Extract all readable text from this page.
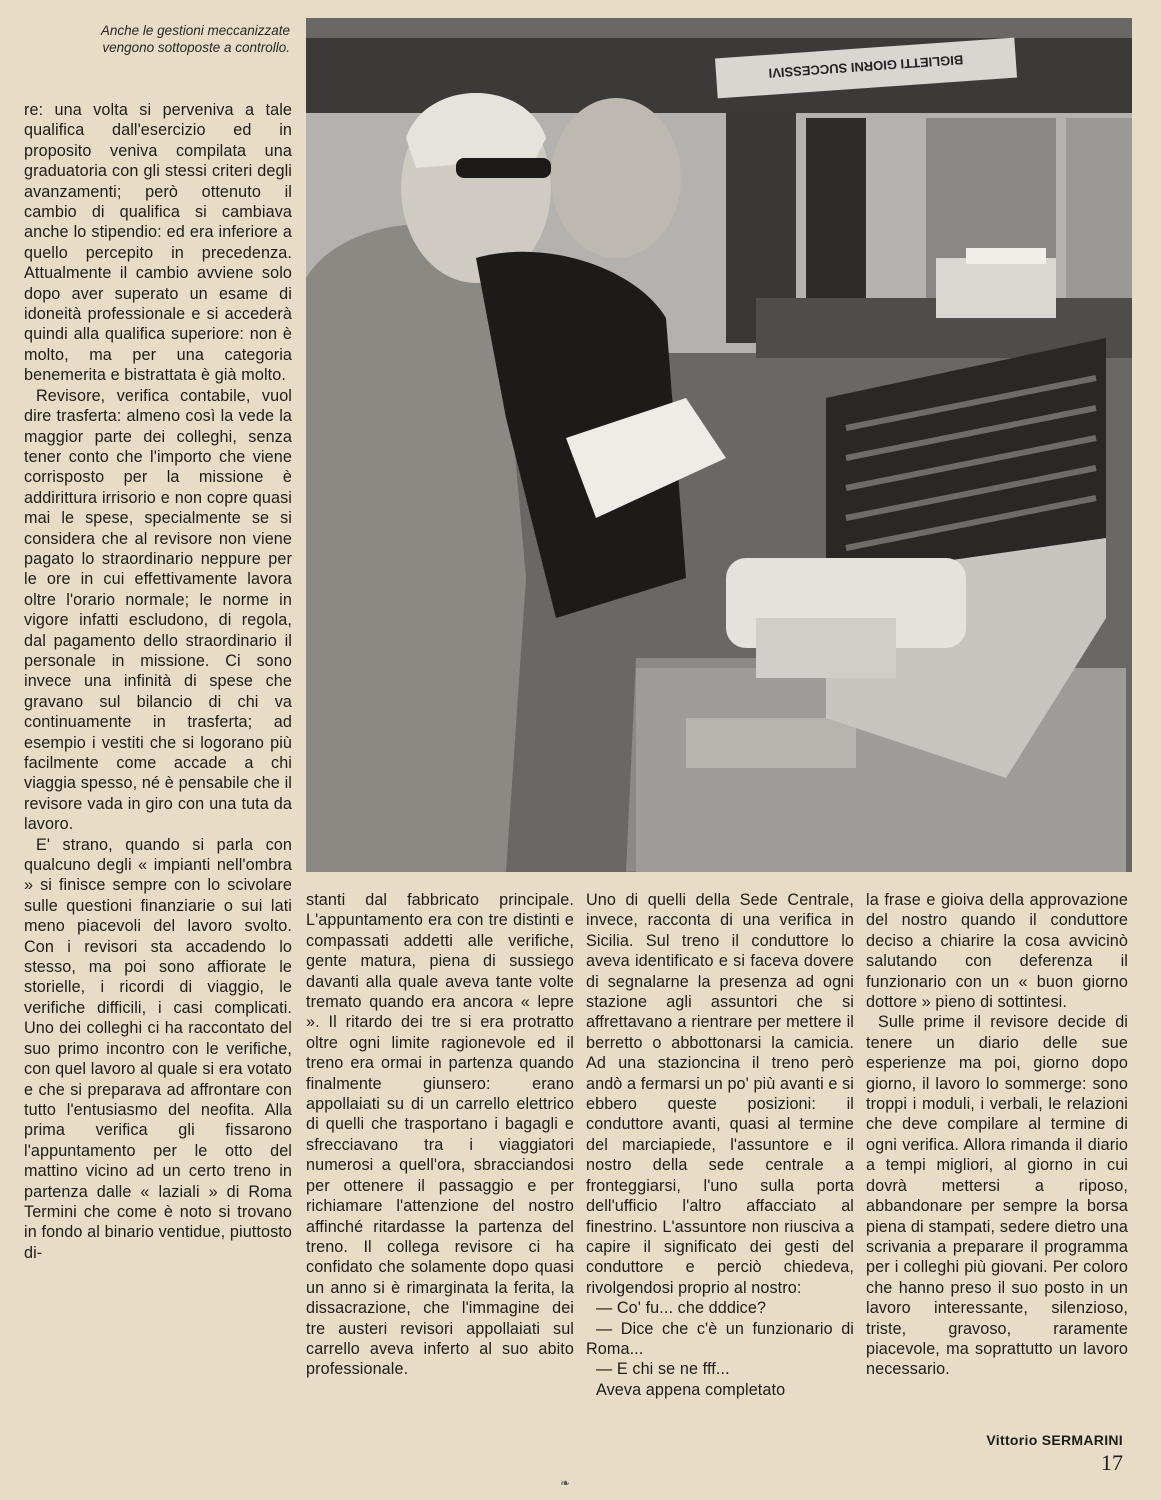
Anche le gestioni meccanizzate vengono sottoposte a controllo.
BIGLIETTI GIORNI SUCCESSIVI

re: una volta si perveniva a tale qualifica dall'esercizio ed in proposito veniva compilata una graduatoria con gli stessi criteri degli avanzamenti; però ottenuto il cambio di qualifica si cambiava anche lo stipendio: ed era inferiore a quello percepito in precedenza. Attualmente il cambio avviene solo dopo aver superato un esame di idoneità professionale e si accederà quindi alla qualifica superiore: non è molto, ma per una categoria benemerita e bistrattata è già molto.

Revisore, verifica contabile, vuol dire trasferta: almeno così la vede la maggior parte dei colleghi, senza tener conto che l'importo che viene corrisposto per la missione è addirittura irrisorio e non copre quasi mai le spese, specialmente se si considera che al revisore non viene pagato lo straordinario neppure per le ore in cui effettivamente lavora oltre l'orario normale; le norme in vigore infatti escludono, di regola, dal pagamento dello straordinario il personale in missione. Ci sono invece una infinità di spese che gravano sul bilancio di chi va continuamente in trasferta; ad esempio i vestiti che si logorano più facilmente come accade a chi viaggia spesso, né è pensabile che il revisore vada in giro con una tuta da lavoro.

E' strano, quando si parla con qualcuno degli « impianti nell'ombra » si finisce sempre con lo scivolare sulle questioni finanziarie o sui lati meno piacevoli del lavoro svolto. Con i revisori sta accadendo lo stesso, ma poi sono affiorate le storielle, i ricordi di viaggio, le verifiche difficili, i casi complicati. Uno dei colleghi ci ha raccontato del suo primo incontro con le verifiche, con quel lavoro al quale si era votato e che si preparava ad affrontare con tutto l'entusiasmo del neofita. Alla prima verifica gli fissarono l'appuntamento per le otto del mattino vicino ad un certo treno in partenza dalle « laziali » di Roma Termini che come è noto si trovano in fondo al binario ventidue, piuttosto di-

stanti dal fabbricato principale. L'appuntamento era con tre distinti e compassati addetti alle verifiche, gente matura, piena di sussiego davanti alla quale aveva tante volte tremato quando era ancora « lepre ». Il ritardo dei tre si era protratto oltre ogni limite ragionevole ed il treno era ormai in partenza quando finalmente giunsero: erano appollaiati su di un carrello elettrico di quelli che trasportano i bagagli e sfrecciavano tra i viaggiatori numerosi a quell'ora, sbracciandosi per ottenere il passaggio e per richiamare l'attenzione del nostro affinché ritardasse la partenza del treno. Il collega revisore ci ha confidato che solamente dopo quasi un anno si è rimarginata la ferita, la dissacrazione, che l'immagine dei tre austeri revisori appollaiati sul carrello aveva inferto al suo abito professionale.

Uno di quelli della Sede Centrale, invece, racconta di una verifica in Sicilia. Sul treno il conduttore lo aveva identificato e si faceva dovere di segnalarne la presenza ad ogni stazione agli assuntori che si affrettavano a rientrare per mettere il berretto o abbottonarsi la camicia. Ad una stazioncina il treno però andò a fermarsi un po' più avanti e si ebbero queste posizioni: il conduttore avanti, quasi al termine del marciapiede, l'assuntore e il nostro della sede centrale a fronteggiarsi, l'uno sulla porta dell'ufficio l'altro affacciato al finestrino. L'assuntore non riusciva a capire il significato dei gesti del conduttore e perciò chiedeva, rivolgendosi proprio al nostro:

— Co' fu... che dddice?

— Dice che c'è un funzionario di Roma...

— E chi se ne fff...

Aveva appena completato

la frase e gioiva della approvazione del nostro quando il conduttore deciso a chiarire la cosa avvicinò salutando con deferenza il funzionario con un « buon giorno dottore » pieno di sottintesi.

Sulle prime il revisore decide di tenere un diario delle sue esperienze ma poi, giorno dopo giorno, il lavoro lo sommerge: sono troppi i moduli, i verbali, le relazioni che deve compilare al termine di ogni verifica. Allora rimanda il diario a tempi migliori, al giorno in cui dovrà mettersi a riposo, abbandonare per sempre la borsa piena di stampati, sedere dietro una scrivania a preparare il programma per i colleghi più giovani. Per coloro che hanno preso il suo posto in un lavoro interessante, silenzioso, triste, gravoso, raramente piacevole, ma soprattutto un lavoro necessario.

Vittorio SERMARINI
17
❧
